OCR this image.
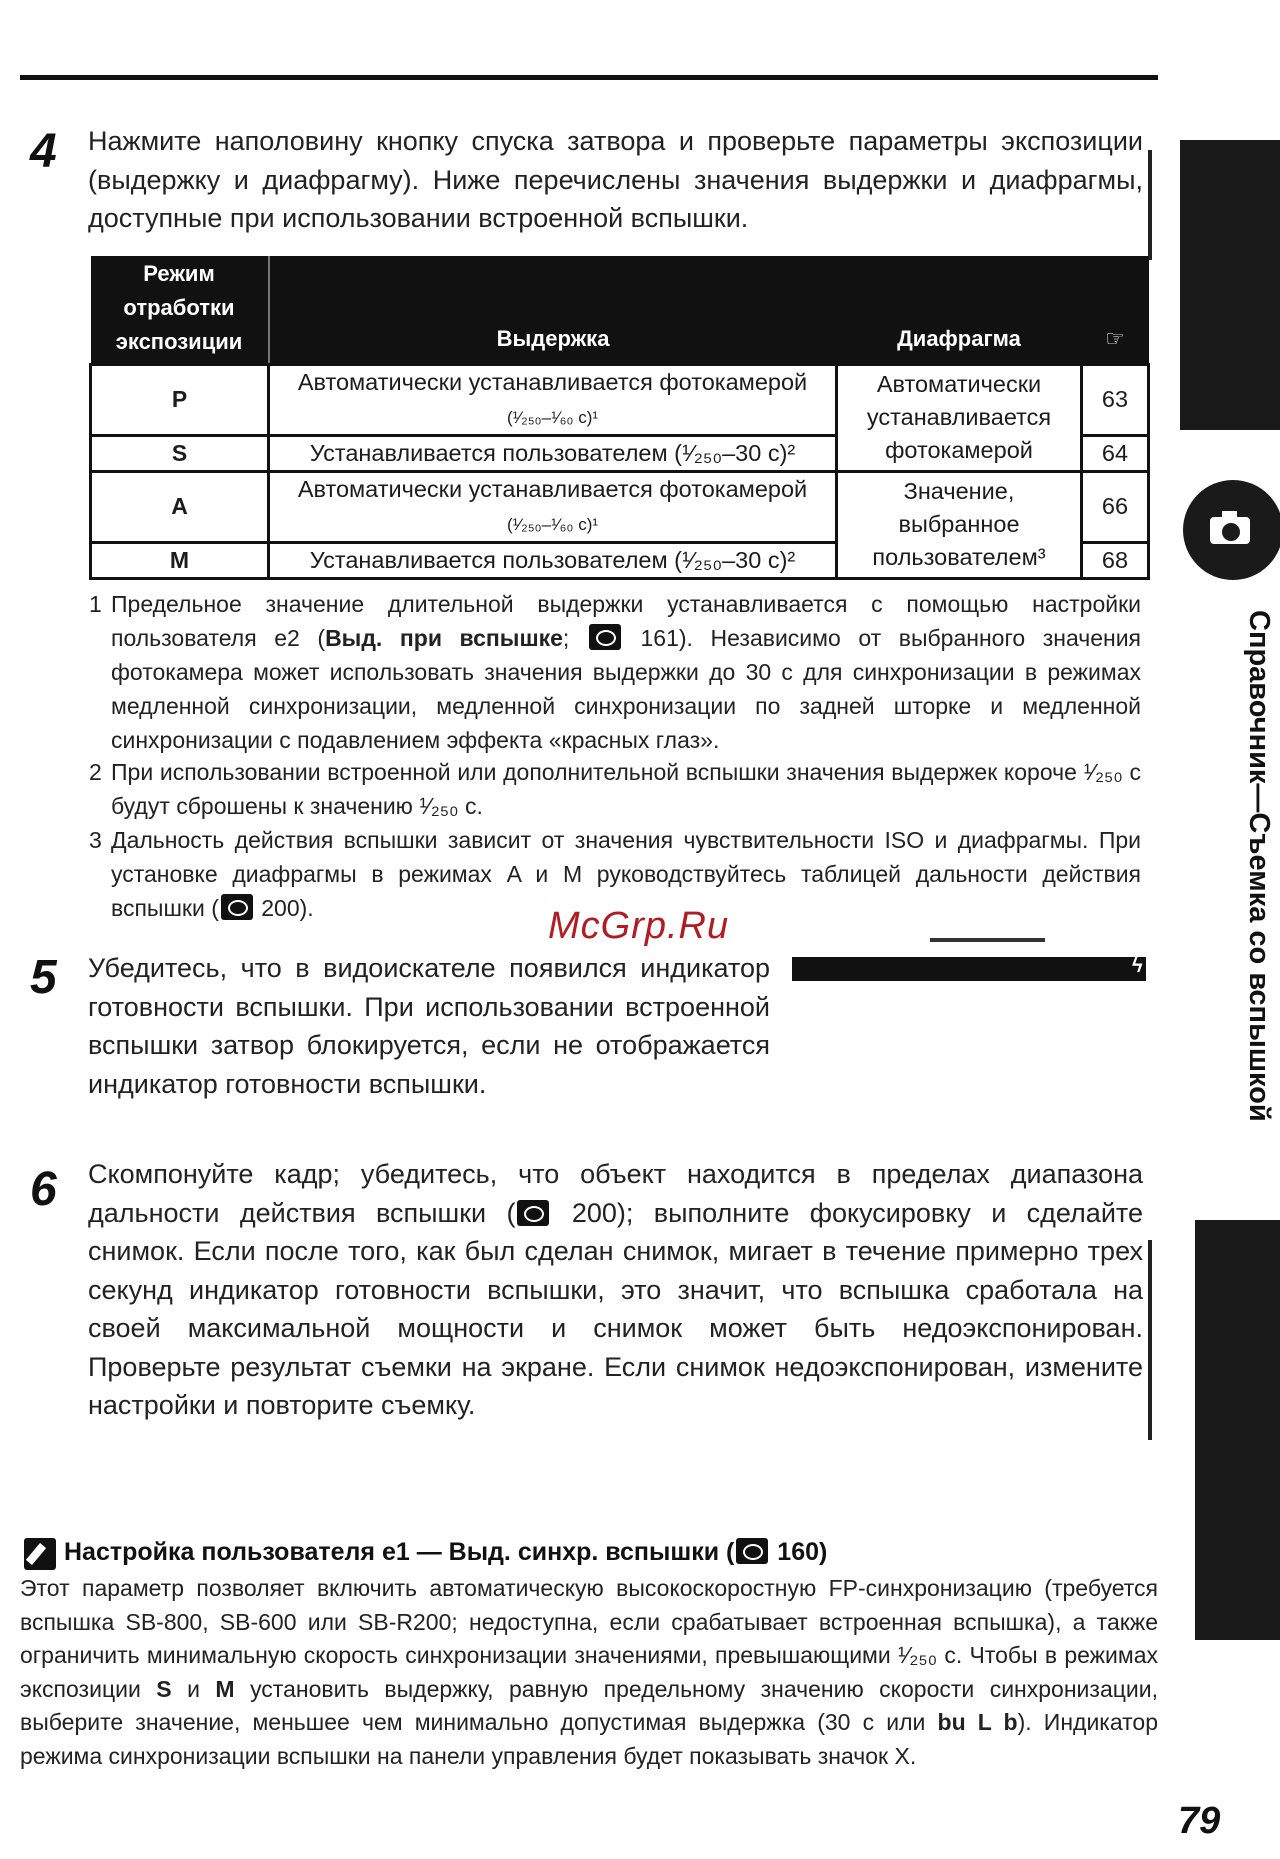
4 Нажмите наполовину кнопку спуска затвора и проверьте параметры экспозиции (выдержку и диафрагму). Ниже перечислены значения выдержки и диафрагмы, доступные при использовании встроенной вспышки.
Режим
отработки
экспозиции	Выдержка	Диафрагма	☞
P	Автоматически устанавливается фотокамерой
(¹⁄₂₅₀–¹⁄₆₀ с)¹	Автоматически
устанавливается
фотокамерой	63
S	Устанавливается пользователем (¹⁄₂₅₀–30 с)²		64
A	Автоматически устанавливается фотокамерой
(¹⁄₂₅₀–¹⁄₆₀ с)¹	Значение,
выбранное
пользователем³	66
M	Устанавливается пользователем (¹⁄₂₅₀–30 с)²		68
1 Предельное значение длительной выдержки устанавливается с помощью настройки пользователя e2 (Выд. при вспышке;  161). Независимо от выбранного значения фотокамера может использовать значения выдержки до 30 с для синхронизации в режимах медленной синхронизации, медленной синхронизации по задней шторке и медленной синхронизации с подавлением эффекта «красных глаз».
2 При использовании встроенной или дополнительной вспышки значения выдержек короче ¹⁄₂₅₀ с будут сброшены к значению ¹⁄₂₅₀ с.
3 Дальность действия вспышки зависит от значения чувствительности ISO и диафрагмы. При установке диафрагмы в режимах A и M руководствуйтесь таблицей дальности действия вспышки ( 200).	McGrp.Ru
5 Убедитесь, что в видоискателе появился индикатор готовности вспышки. При использовании встроенной вспышки затвор блокируется, если не отображается индикатор готовности вспышки.
ϟ
6 Скомпонуйте кадр; убедитесь, что объект находится в пределах диапазона дальности действия вспышки ( 200); выполните фокусировку и сделайте снимок. Если после того, как был сделан снимок, мигает в течение примерно трех секунд индикатор готовности вспышки, это значит, что вспышка сработала на своей максимальной мощности и снимок может быть недоэкспонирован. Проверьте результат съемки на экране. Если снимок недоэкспонирован, измените настройки и повторите съемку.
Справочник—Съемка со вспышкой
Настройка пользователя e1 — Выд. синхр. вспышки ( 160)
Этот параметр позволяет включить автоматическую высокоскоростную FP-синхронизацию (требуется вспышка SB-800, SB-600 или SB-R200; недоступна, если срабатывает встроенная вспышка), а также ограничить минимальную скорость синхронизации значениями, превышающими ¹⁄₂₅₀ с. Чтобы в режимах экспозиции S и M установить выдержку, равную предельному значению скорости синхронизации, выберите значение, меньшее чем минимально допустимая выдержка (30 с или bu L b). Индикатор режима синхронизации вспышки на панели управления будет показывать значок X.
79
